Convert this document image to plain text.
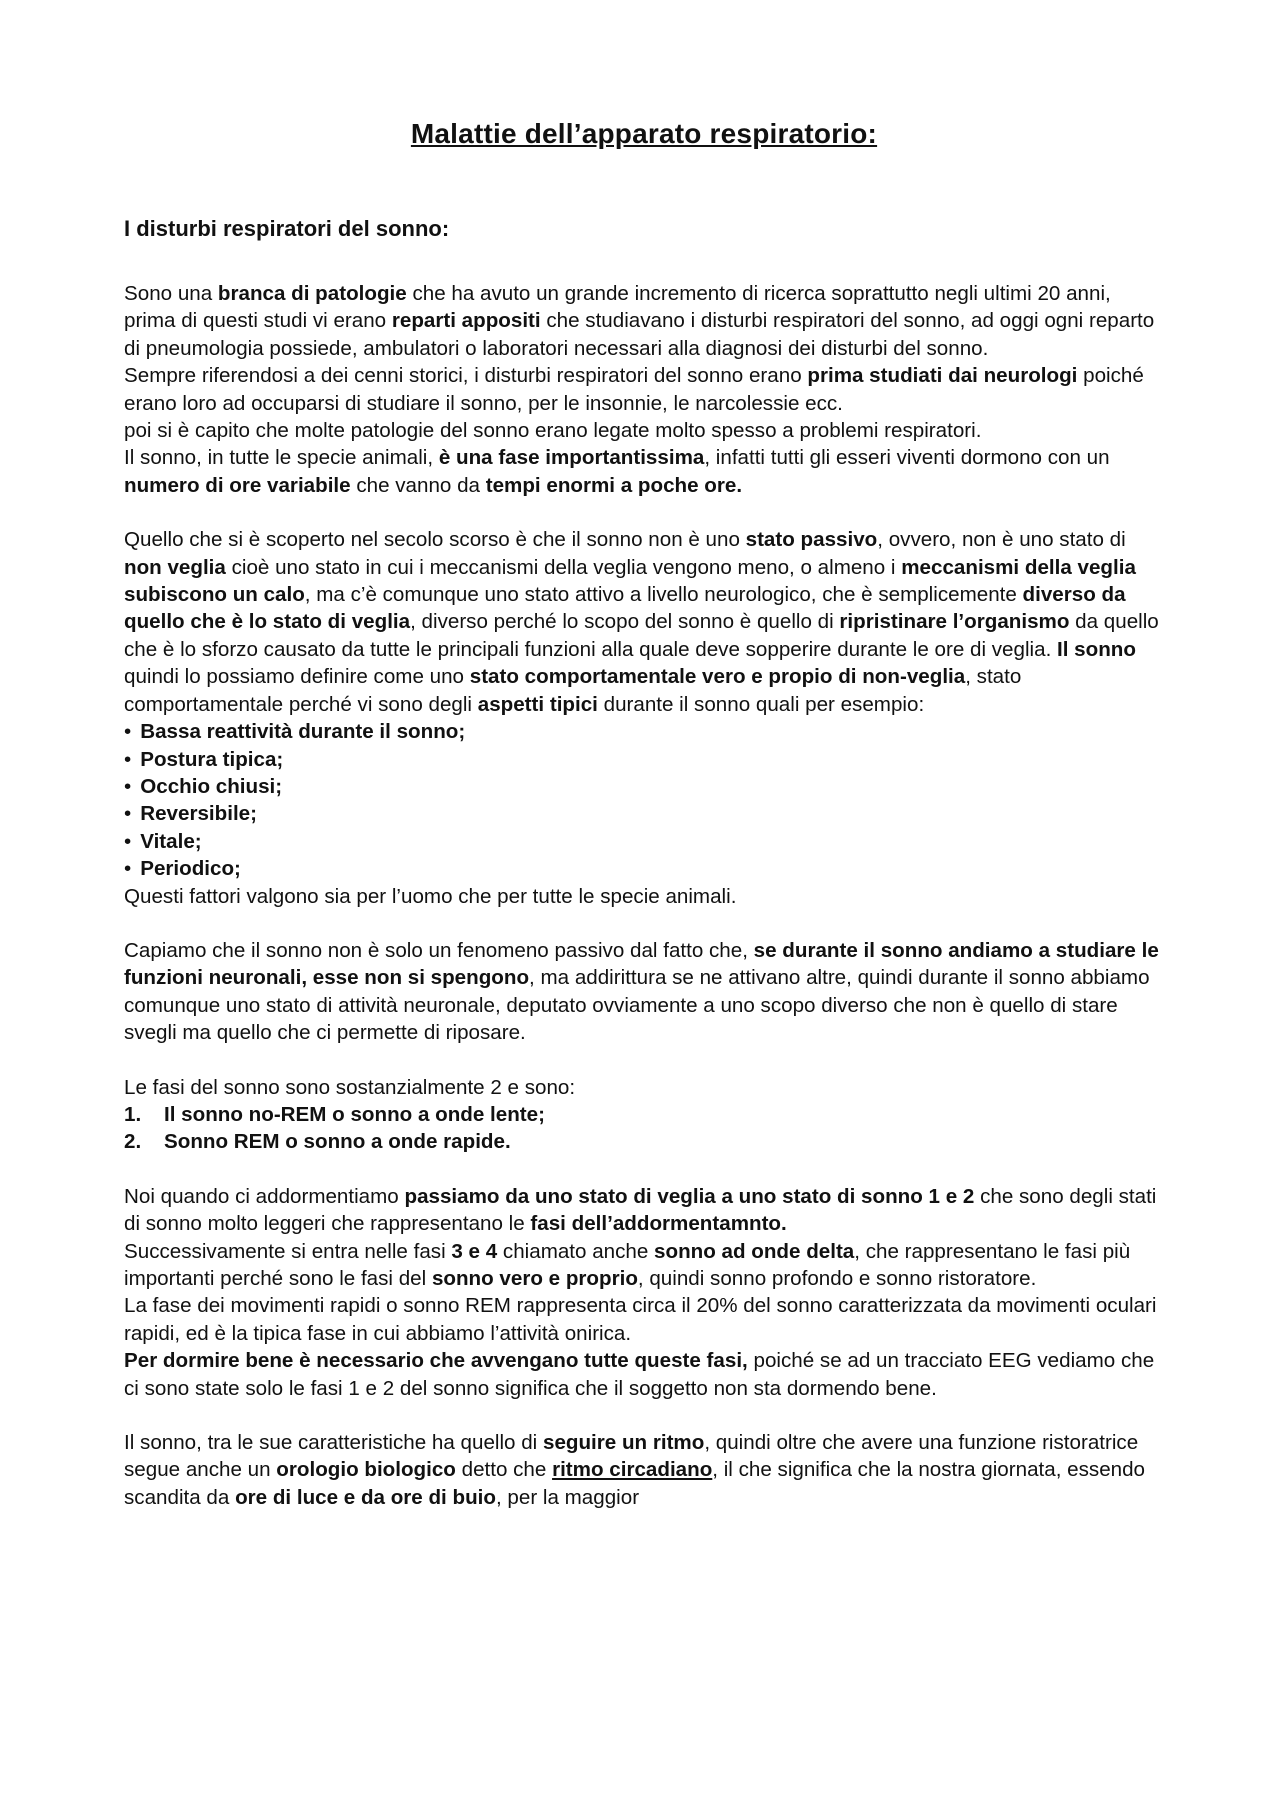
Malattie dell’apparato respiratorio:
I disturbi respiratori del sonno:

Sono una branca di patologie che ha avuto un grande incremento di ricerca soprattutto negli ultimi 20 anni, prima di questi studi vi erano reparti appositi che studiavano i disturbi respiratori del sonno, ad oggi ogni reparto di pneumologia possiede, ambulatori o laboratori necessari alla diagnosi dei disturbi del sonno.

Sempre riferendosi a dei cenni storici, i disturbi respiratori del sonno erano prima studiati dai neurologi poiché erano loro ad occuparsi di studiare il sonno, per le insonnie, le narcolessie ecc.

poi si è capito che molte patologie del sonno erano legate molto spesso a problemi respiratori.

Il sonno, in tutte le specie animali, è una fase importantissima, infatti tutti gli esseri viventi dormono con un numero di ore variabile che vanno da tempi enormi a poche ore.

Quello che si è scoperto nel secolo scorso è che il sonno non è uno stato passivo, ovvero, non è uno stato di non veglia cioè uno stato in cui i meccanismi della veglia vengono meno, o almeno i meccanismi della veglia subiscono un calo, ma c’è comunque uno stato attivo a livello neurologico, che è semplicemente diverso da quello che è lo stato di veglia, diverso perché lo scopo del sonno è quello di ripristinare l’organismo da quello che è lo sforzo causato da tutte le principali funzioni alla quale deve sopperire durante le ore di veglia. Il sonno quindi lo possiamo definire come uno stato comportamentale vero e propio di non-veglia, stato comportamentale perché vi sono degli aspetti tipici durante il sonno quali per esempio:

• Bassa reattività durante il sonno;
• Postura tipica;
• Occhio chiusi;
• Reversibile;
• Vitale;
• Periodico;

Questi fattori valgono sia per l’uomo che per tutte le specie animali.

Capiamo che il sonno non è solo un fenomeno passivo dal fatto che, se durante il sonno andiamo a studiare le funzioni neuronali, esse non si spengono, ma addirittura se ne attivano altre, quindi durante il sonno abbiamo comunque uno stato di attività neuronale, deputato ovviamente a uno scopo diverso che non è quello di stare svegli ma quello che ci permette di riposare.

Le fasi del sonno sono sostanzialmente 2 e sono:

1. Il sonno no-REM o sonno a onde lente;
2. Sonno REM o sonno a onde rapide.

Noi quando ci addormentiamo passiamo da uno stato di veglia a uno stato di sonno 1 e 2 che sono degli stati di sonno molto leggeri che rappresentano le fasi dell’addormentamnto.

Successivamente si entra nelle fasi 3 e 4 chiamato anche sonno ad onde delta, che rappresentano le fasi più importanti perché sono le fasi del sonno vero e proprio, quindi sonno profondo e sonno ristoratore.

La fase dei movimenti rapidi o sonno REM rappresenta circa il 20% del sonno caratterizzata da movimenti oculari rapidi, ed è la tipica fase in cui abbiamo l’attività onirica.

Per dormire bene è necessario che avvengano tutte queste fasi, poiché se ad un tracciato EEG vediamo che ci sono state solo le fasi 1 e 2 del sonno significa che il soggetto non sta dormendo bene.

Il sonno, tra le sue caratteristiche ha quello di seguire un ritmo, quindi oltre che avere una funzione ristoratrice segue anche un orologio biologico detto che ritmo circadiano, il che significa che la nostra giornata, essendo scandita da ore di luce e da ore di buio, per la maggior
